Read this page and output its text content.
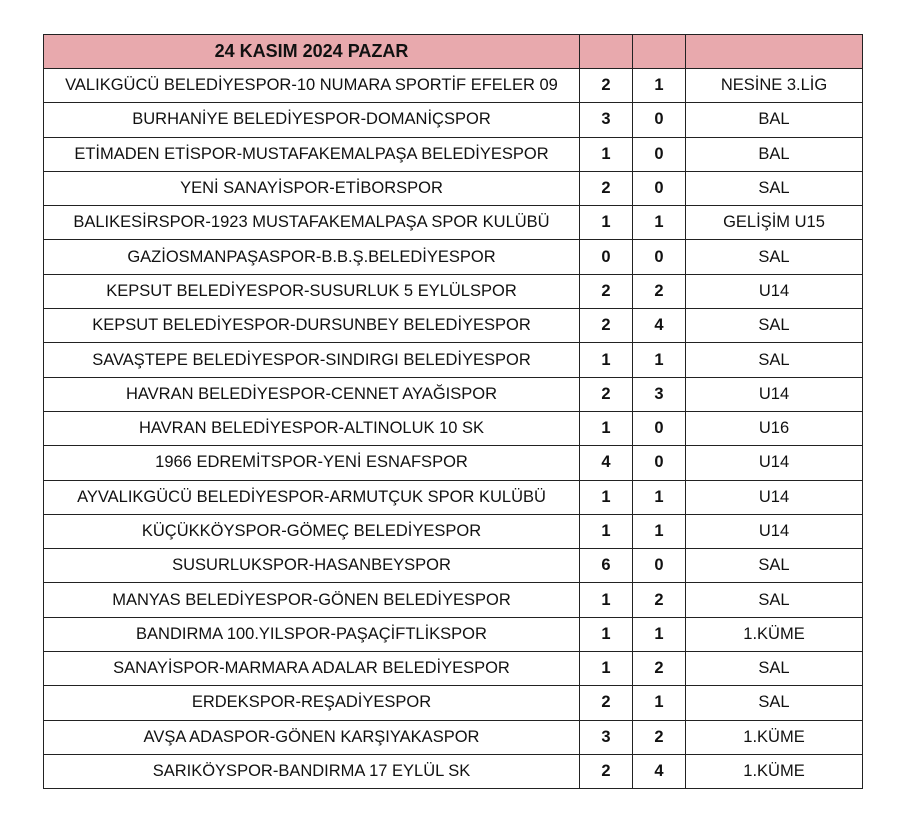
24 KASIM 2024 PAZAR			
VALIKGÜCÜ BELEDİYESPOR-10 NUMARA SPORTİF EFELER 09	2	1	NESİNE 3.LİG
BURHANİYE BELEDİYESPOR-DOMANİÇSPOR	3	0	BAL
ETİMADEN ETİSPOR-MUSTAFAKEMALPAŞA BELEDİYESPOR	1	0	BAL
YENİ SANAYİSPOR-ETİBORSPOR	2	0	SAL
BALIKESİRSPOR-1923 MUSTAFAKEMALPAŞA SPOR KULÜBÜ	1	1	GELİŞİM U15
GAZİOSMANPAŞASPOR-B.B.Ş.BELEDİYESPOR	0	0	SAL
KEPSUT BELEDİYESPOR-SUSURLUK 5 EYLÜLSPOR	2	2	U14
KEPSUT BELEDİYESPOR-DURSUNBEY BELEDİYESPOR	2	4	SAL
SAVAŞTEPE BELEDİYESPOR-SINDIRGI BELEDİYESPOR	1	1	SAL
HAVRAN BELEDİYESPOR-CENNET AYAĞISPOR	2	3	U14
HAVRAN BELEDİYESPOR-ALTINOLUK 10 SK	1	0	U16
1966 EDREMİTSPOR-YENİ ESNAFSPOR	4	0	U14
AYVALIKGÜCÜ BELEDİYESPOR-ARMUTÇUK SPOR KULÜBÜ	1	1	U14
KÜÇÜKKÖYSPOR-GÖMEÇ BELEDİYESPOR	1	1	U14
SUSURLUKSPOR-HASANBEYSPOR	6	0	SAL
MANYAS BELEDİYESPOR-GÖNEN BELEDİYESPOR	1	2	SAL
BANDIRMA 100.YILSPOR-PAŞAÇİFTLİKSPOR	1	1	1.KÜME
SANAYİSPOR-MARMARA ADALAR BELEDİYESPOR	1	2	SAL
ERDEKSPOR-REŞADİYESPOR	2	1	SAL
AVŞA ADASPOR-GÖNEN KARŞIYAKASPOR	3	2	1.KÜME
SARIKÖYSPOR-BANDIRMA 17 EYLÜL SK	2	4	1.KÜME
